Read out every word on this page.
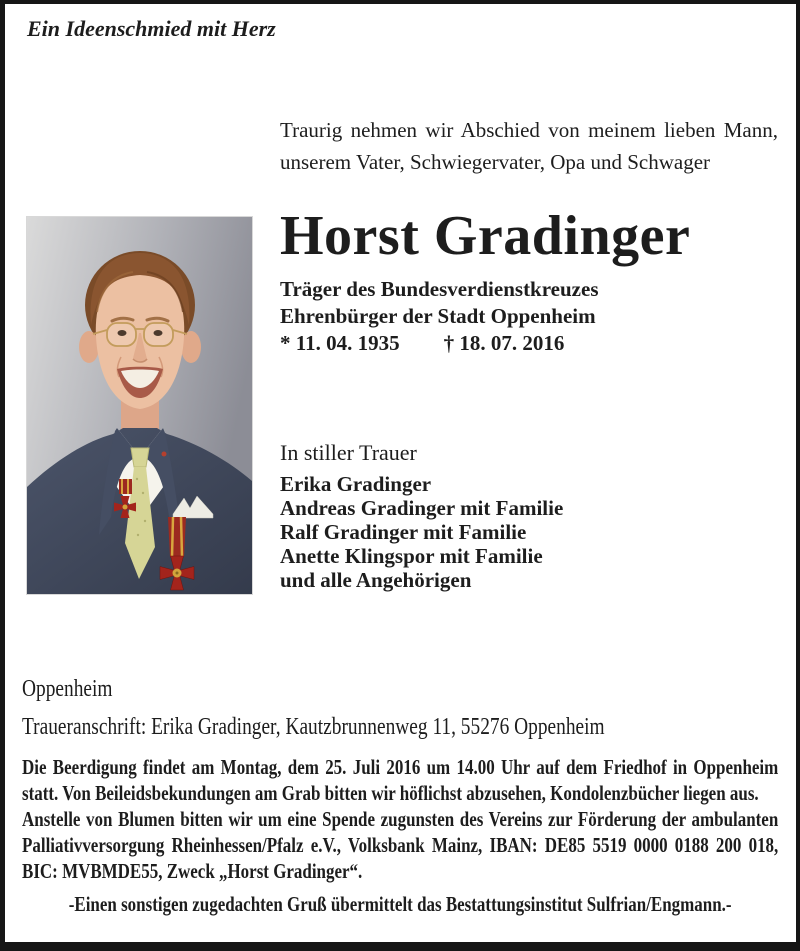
Ein Ideenschmied mit Herz
Traurig nehmen wir Abschied von meinem lieben Mann, unserem Vater, Schwiegervater, Opa und Schwager
Horst Gradinger
Träger des Bundesverdienstkreuzes
Ehrenbürger der Stadt Oppenheim
* 11. 04. 1935 † 18. 07. 2016
In stiller Trauer
Erika Gradinger
Andreas Gradinger mit Familie
Ralf Gradinger mit Familie
Anette Klingspor mit Familie
und alle Angehörigen

Oppenheim

Traueranschrift: Erika Gradinger, Kautzbrunnenweg 11, 55276 Oppenheim

Die Beerdigung findet am Montag, dem 25. Juli 2016 um 14.00 Uhr auf dem Friedhof in Oppenheim statt. Von Beileidsbekundungen am Grab bitten wir höflichst abzusehen, Kondolenzbücher liegen aus.

Anstelle von Blumen bitten wir um eine Spende zugunsten des Vereins zur Förderung der ambulanten Palliativversorgung Rheinhessen/Pfalz e.V., Volksbank Mainz, IBAN: DE85 5519 0000 0188 200 018, BIC: MVBMDE55, Zweck „Horst Gradinger“.

-Einen sonstigen zugedachten Gruß übermittelt das Bestattungsinstitut Sulfrian/Engmann.-
